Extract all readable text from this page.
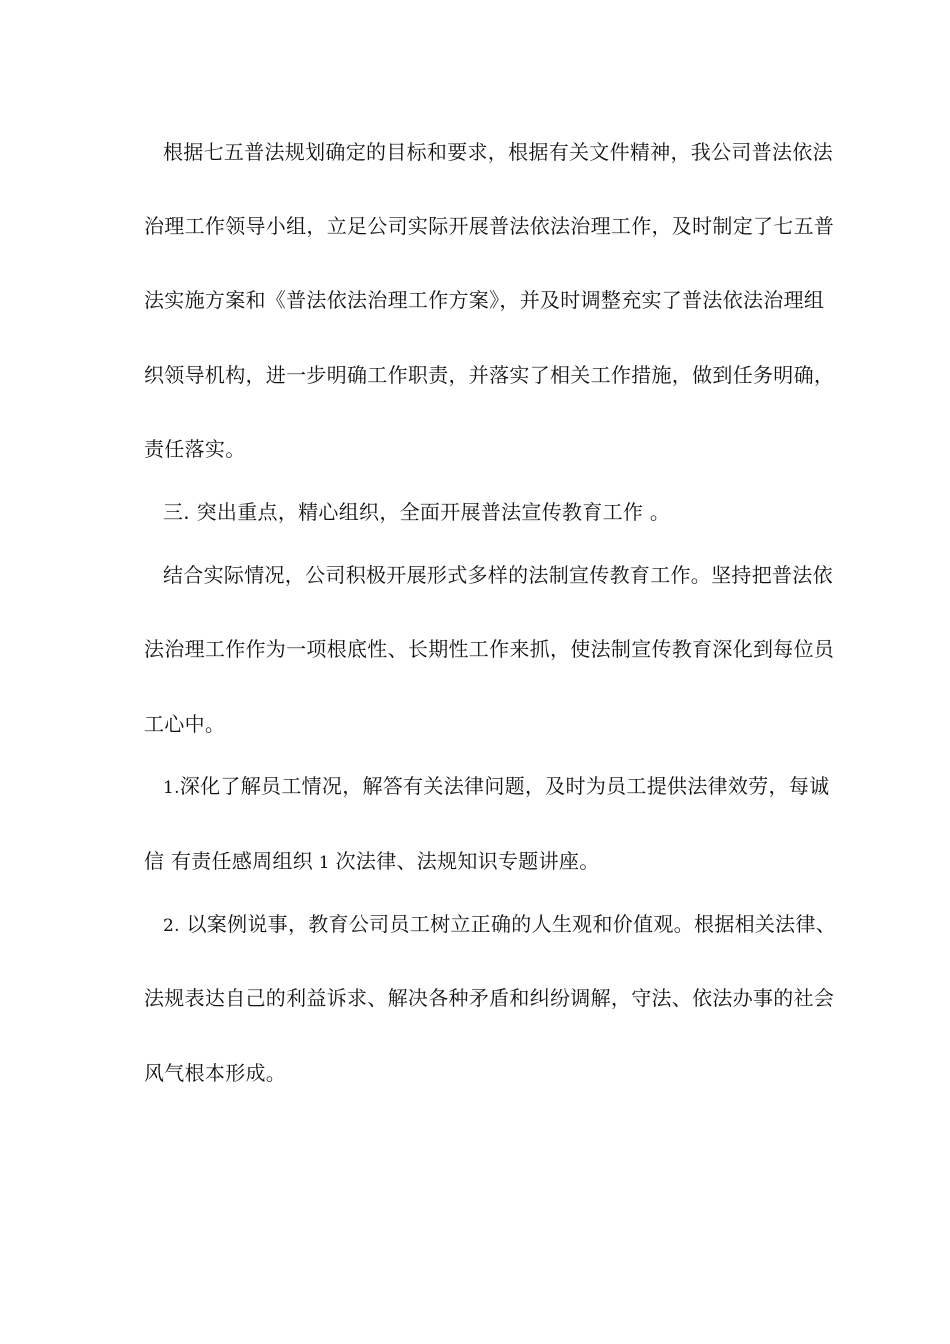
根据七五普法规划确定的目标和要求，根据有关文件精神，我公司普法依法
治理工作领导小组，立足公司实际开展普法依法治理工作，及时制定了七五普
法实施方案和《普法依法治理工作方案》，并及时调整充实了普法依法治理组
织领导机构，进一步明确工作职责，并落实了相关工作措施，做到任务明确，
责任落实。
三. 突出重点，精心组织，全面开展普法宣传教育工作 。
结合实际情况，公司积极开展形式多样的法制宣传教育工作。坚持把普法依
法治理工作作为一项根底性、长期性工作来抓，使法制宣传教育深化到每位员
工心中。
1.深化了解员工情况，解答有关法律问题，及时为员工提供法律效劳，每诚
信 有责任感周组织 1 次法律、法规知识专题讲座。
2. 以案例说事，教育公司员工树立正确的人生观和价值观。根据相关法律、
法规表达自己的利益诉求、解决各种矛盾和纠纷调解，守法、依法办事的社会
风气根本形成。
